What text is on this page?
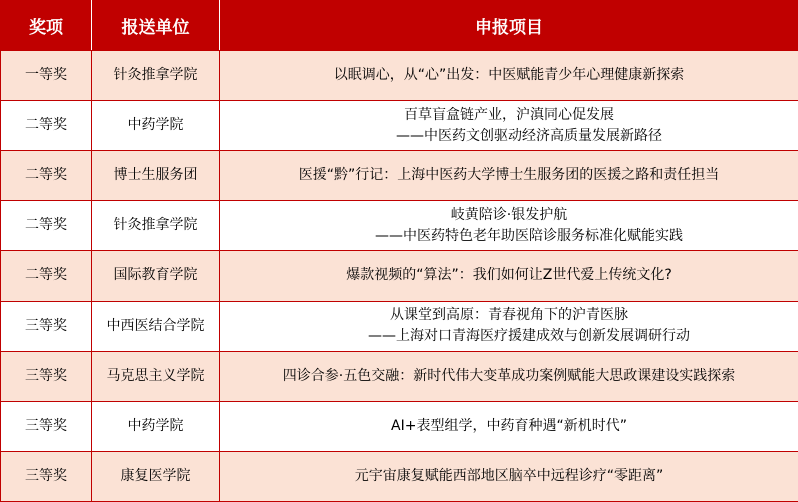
奖项	报送单位	申报项目
一等奖	针灸推拿学院	以眠调心，从“心”出发：中医赋能青少年心理健康新探索

二等奖	中药学院	百草盲盒链产业，沪滇同心促发展
——中医药文创驱动经济高质量发展新路径

二等奖	博士生服务团	医援“黔”行记：上海中医药大学博士生服务团的医援之路和责任担当

二等奖	针灸推拿学院	岐黄陪诊·银发护航
——中医药特色老年助医陪诊服务标准化赋能实践

二等奖	国际教育学院	爆款视频的“算法”：我们如何让Z世代爱上传统文化?

三等奖	中西医结合学院	从课堂到高原：青春视角下的沪青医脉
——上海对口青海医疗援建成效与创新发展调研行动

三等奖	马克思主义学院	四诊合参·五色交融：新时代伟大变革成功案例赋能大思政课建设实践探索

三等奖	中药学院	AI+表型组学，中药育种遇“新机时代”

三等奖	康复医学院	元宇宙康复赋能西部地区脑卒中远程诊疗“零距离”
